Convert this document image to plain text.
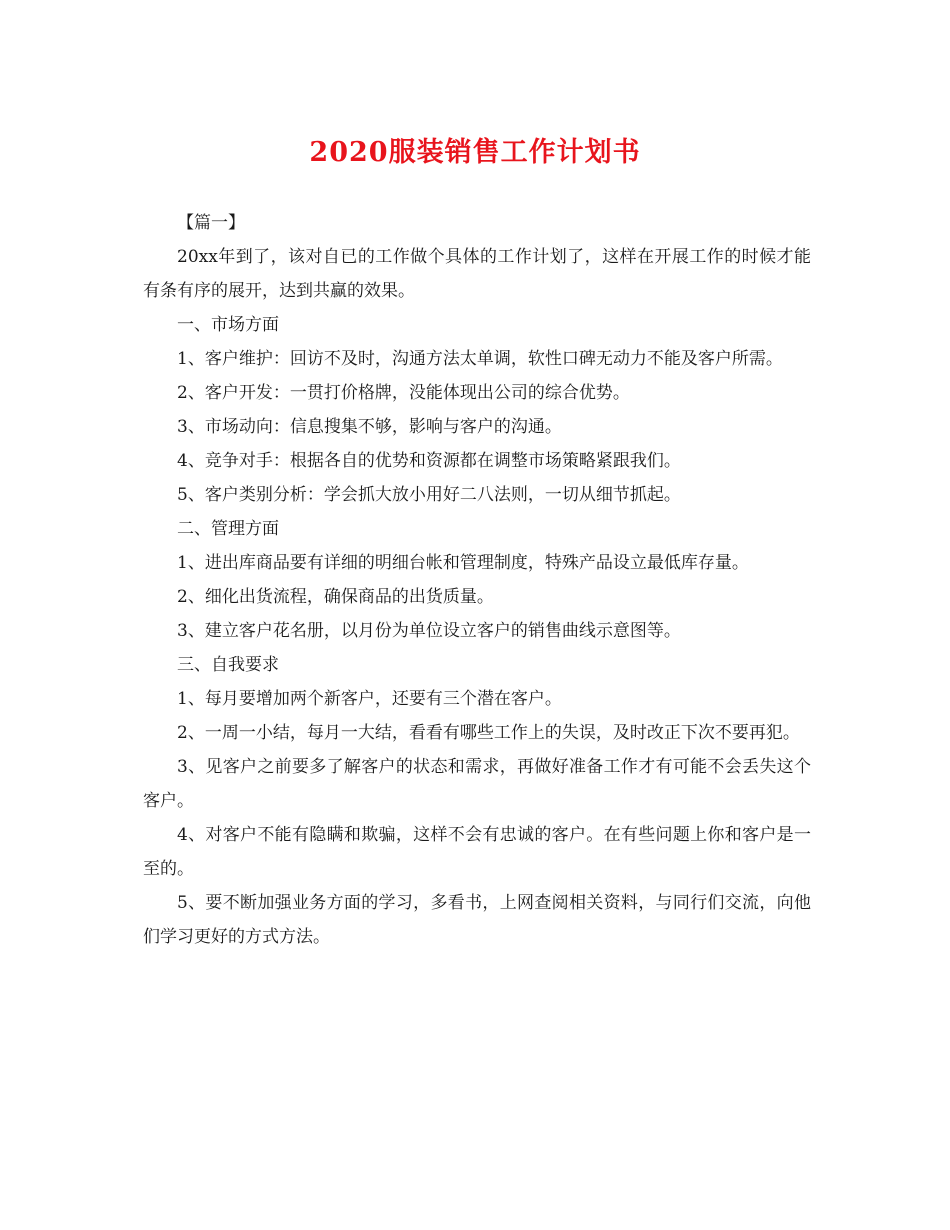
2020服装销售工作计划书

【篇一】

20xx年到了，该对自已的工作做个具体的工作计划了，这样在开展工作的时候才能有条有序的展开，达到共赢的效果。

一、市场方面

1、客户维护：回访不及时，沟通方法太单调，软性口碑无动力不能及客户所需。

2、客户开发：一贯打价格牌，没能体现出公司的综合优势。

3、市场动向：信息搜集不够，影响与客户的沟通。

4、竞争对手：根据各自的优势和资源都在调整市场策略紧跟我们。

5、客户类别分析：学会抓大放小用好二八法则，一切从细节抓起。

二、管理方面

1、进出库商品要有详细的明细台帐和管理制度，特殊产品设立最低库存量。

2、细化出货流程，确保商品的出货质量。

3、建立客户花名册，以月份为单位设立客户的销售曲线示意图等。

三、自我要求

1、每月要增加两个新客户，还要有三个潜在客户。

2、一周一小结，每月一大结，看看有哪些工作上的失误，及时改正下次不要再犯。

3、见客户之前要多了解客户的状态和需求，再做好准备工作才有可能不会丢失这个客户。

4、对客户不能有隐瞒和欺骗，这样不会有忠诚的客户。在有些问题上你和客户是一至的。

5、要不断加强业务方面的学习，多看书，上网查阅相关资料，与同行们交流，向他们学习更好的方式方法。
